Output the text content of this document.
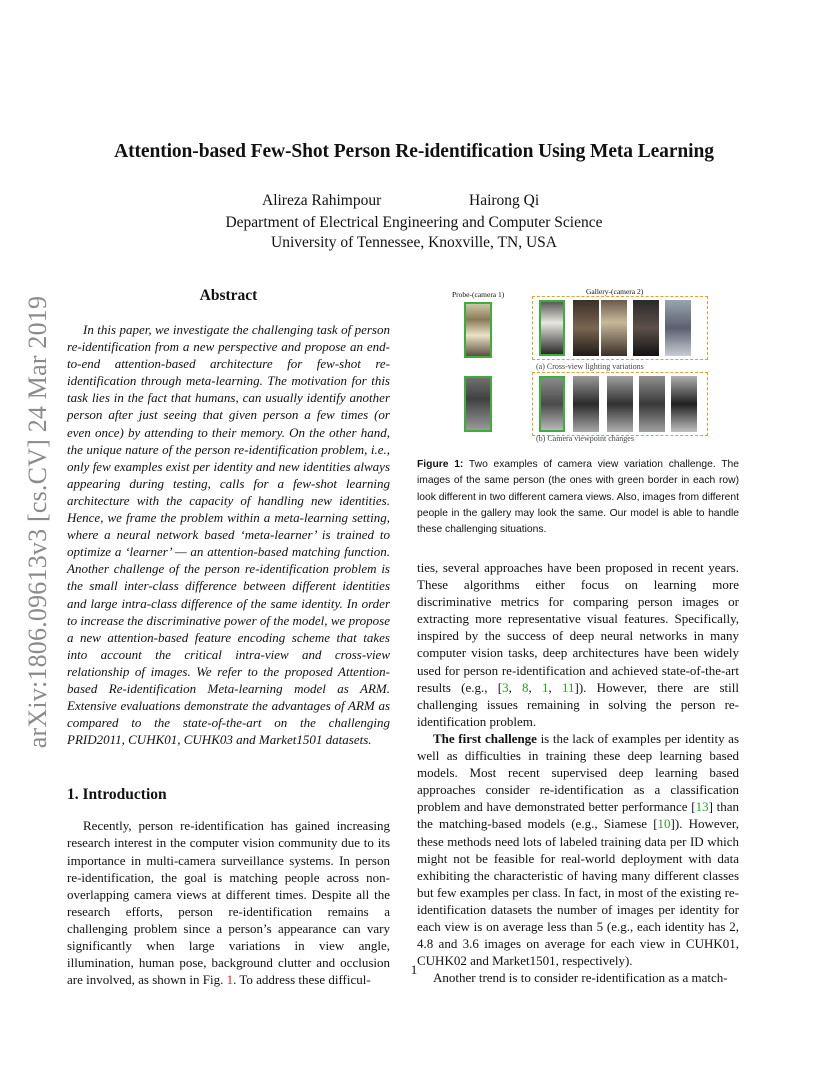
arXiv:1806.09613v3 [cs.CV] 24 Mar 2019
Attention-based Few-Shot Person Re-identification Using Meta Learning
Alireza Rahimpour	Hairong Qi
Department of Electrical Engineering and Computer Science
University of Tennessee, Knoxville, TN, USA
Abstract

In this paper, we investigate the challenging task of person re-identification from a new perspective and propose an end-to-end attention-based architecture for few-shot re-identification through meta-learning. The motivation for this task lies in the fact that humans, can usually identify another person after just seeing that given person a few times (or even once) by attending to their memory. On the other hand, the unique nature of the person re-identification problem, i.e., only few examples exist per identity and new identities always appearing during testing, calls for a few-shot learning architecture with the capacity of handling new identities. Hence, we frame the problem within a meta-learning setting, where a neural network based ‘meta-learner’ is trained to optimize a ‘learner’ — an attention-based matching function. Another challenge of the person re-identification problem is the small inter-class difference between different identities and large intra-class difference of the same identity. In order to increase the discriminative power of the model, we propose a new attention-based feature encoding scheme that takes into account the critical intra-view and cross-view relationship of images. We refer to the proposed Attention-based Re-identification Meta-learning model as ARM. Extensive evaluations demonstrate the advantages of ARM as compared to the state-of-the-art on the challenging PRID2011, CUHK01, CUHK03 and Market1501 datasets.

1. Introduction

Recently, person re-identification has gained increasing research interest in the computer vision community due to its importance in multi-camera surveillance systems. In person re-identification, the goal is matching people across non-overlapping camera views at different times. Despite all the research efforts, person re-identification remains a challenging problem since a person’s appearance can vary significantly when large variations in view angle, illumination, human pose, background clutter and occlusion are involved, as shown in Fig. 1. To address these difficul-

Probe-(camera 1)	Gallery-(camera 2)
(a) Cross-view lighting variations
(b) Camera viewpoint changes
Figure 1: Two examples of camera view variation challenge. The images of the same person (the ones with green border in each row) look different in two different camera views. Also, images from different people in the gallery may look the same. Our model is able to handle these challenging situations.

ties, several approaches have been proposed in recent years. These algorithms either focus on learning more discriminative metrics for comparing person images or extracting more representative visual features. Specifically, inspired by the success of deep neural networks in many computer vision tasks, deep architectures have been widely used for person re-identification and achieved state-of-the-art results (e.g., [3, 8, 1, 11]). However, there are still challenging issues remaining in solving the person re-identification problem.

The first challenge is the lack of examples per identity as well as difficulties in training these deep learning based models. Most recent supervised deep learning based approaches consider re-identification as a classification problem and have demonstrated better performance [13] than the matching-based models (e.g., Siamese [10]). However, these methods need lots of labeled training data per ID which might not be feasible for real-world deployment with data exhibiting the characteristic of having many different classes but few examples per class. In fact, in most of the existing re-identification datasets the number of images per identity for each view is on average less than 5 (e.g., each identity has 2, 4.8 and 3.6 images on average for each view in CUHK01, CUHK02 and Market1501, respectively).

Another trend is to consider re-identification as a match-

1
